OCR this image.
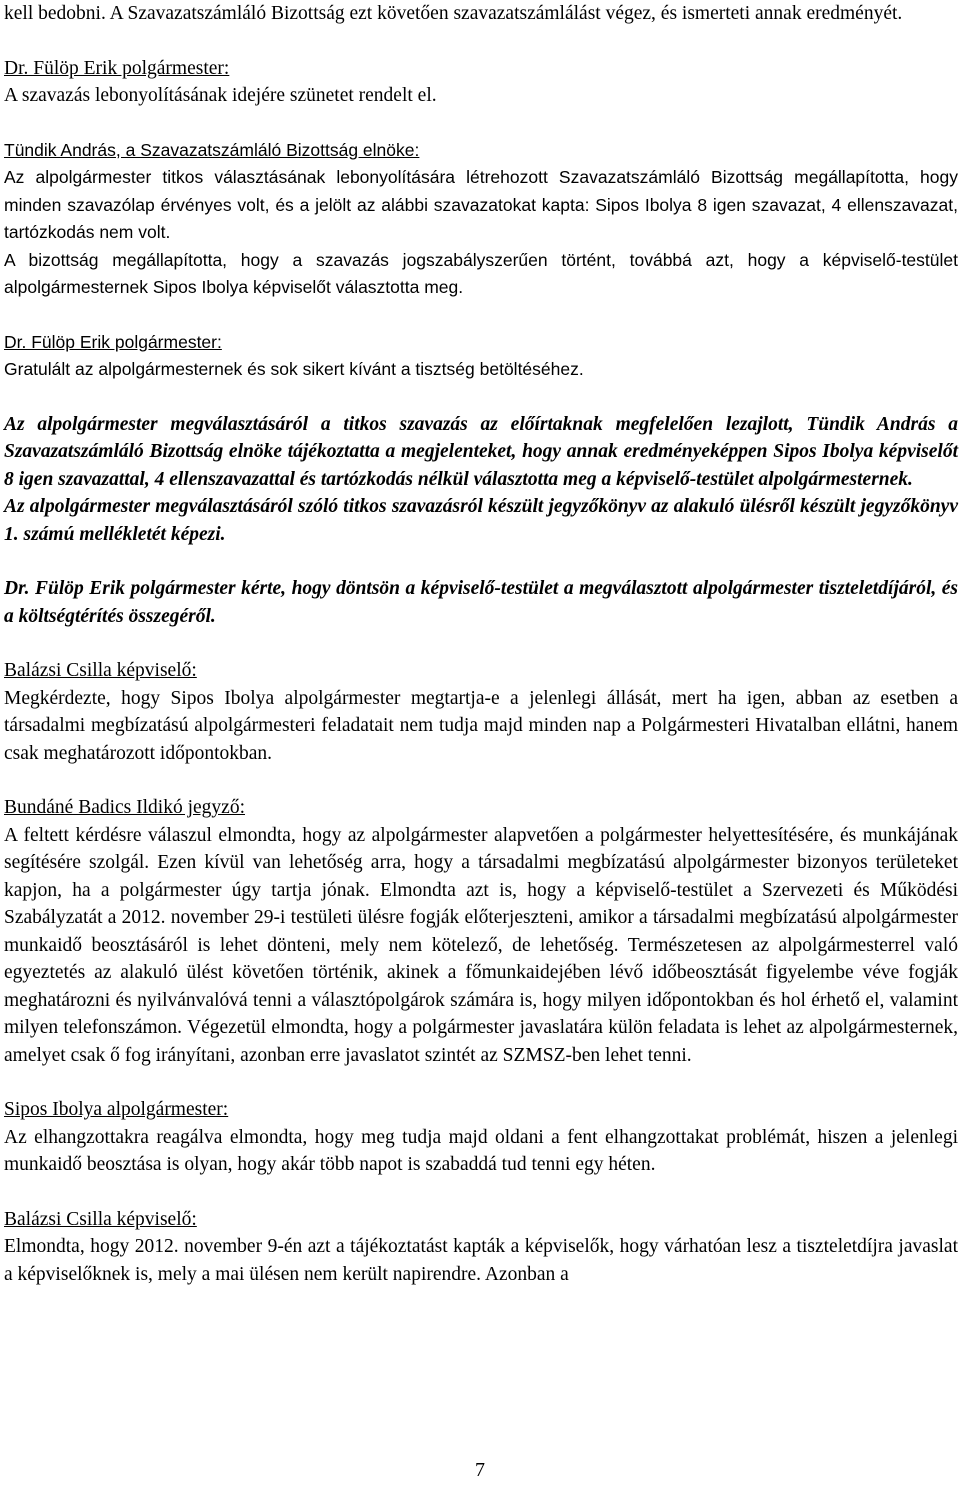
kell bedobni. A Szavazatszámláló Bizottság ezt követően szavazatszámlálást végez, és ismerteti annak eredményét.

Dr. Fülöp Erik polgármester:

A szavazás lebonyolításának idejére szünetet rendelt el.

Tündik András, a Szavazatszámláló Bizottság elnöke:

Az alpolgármester titkos választásának lebonyolítására létrehozott Szavazatszámláló Bizottság megállapította, hogy minden szavazólap érvényes volt, és a jelölt az alábbi szavazatokat kapta: Sipos Ibolya 8 igen szavazat, 4 ellenszavazat, tartózkodás nem volt.

A bizottság megállapította, hogy a szavazás jogszabályszerűen történt, továbbá azt, hogy a képviselő-testület alpolgármesternek Sipos Ibolya képviselőt választotta meg.

Dr. Fülöp Erik polgármester:

Gratulált az alpolgármesternek és sok sikert kívánt a tisztség betöltéséhez.

Az alpolgármester megválasztásáról a titkos szavazás az előírtaknak megfelelően lezajlott, Tündik András a Szavazatszámláló Bizottság elnöke tájékoztatta a megjelenteket, hogy annak eredményeképpen Sipos Ibolya képviselőt 8 igen szavazattal, 4 ellenszavazattal és tartózkodás nélkül választotta meg a képviselő-testület alpolgármesternek.

Az alpolgármester megválasztásáról szóló titkos szavazásról készült jegyzőkönyv az alakuló ülésről készült jegyzőkönyv 1. számú mellékletét képezi.

Dr. Fülöp Erik polgármester kérte, hogy döntsön a képviselő-testület a megválasztott alpolgármester tiszteletdíjáról, és a költségtérítés összegéről.

Balázsi Csilla képviselő:

Megkérdezte, hogy Sipos Ibolya alpolgármester megtartja-e a jelenlegi állását, mert ha igen, abban az esetben a társadalmi megbízatású alpolgármesteri feladatait nem tudja majd minden nap a Polgármesteri Hivatalban ellátni, hanem csak meghatározott időpontokban.

Bundáné Badics Ildikó jegyző:

A feltett kérdésre válaszul elmondta, hogy az alpolgármester alapvetően a polgármester helyettesítésére, és munkájának segítésére szolgál. Ezen kívül van lehetőség arra, hogy a társadalmi megbízatású alpolgármester bizonyos területeket kapjon, ha a polgármester úgy tartja jónak. Elmondta azt is, hogy a képviselő-testület a Szervezeti és Működési Szabályzatát a 2012. november 29-i testületi ülésre fogják előterjeszteni, amikor a társadalmi megbízatású alpolgármester munkaidő beosztásáról is lehet dönteni, mely nem kötelező, de lehetőség. Természetesen az alpolgármesterrel való egyeztetés az alakuló ülést követően történik, akinek a főmunkaidejében lévő időbeosztását figyelembe véve fogják meghatározni és nyilvánvalóvá tenni a választópolgárok számára is, hogy milyen időpontokban és hol érhető el, valamint milyen telefonszámon. Végezetül elmondta, hogy a polgármester javaslatára külön feladata is lehet az alpolgármesternek, amelyet csak ő fog irányítani, azonban erre javaslatot szintét az SZMSZ-ben lehet tenni.

Sipos Ibolya alpolgármester:

Az elhangzottakra reagálva elmondta, hogy meg tudja majd oldani a fent elhangzottakat problémát, hiszen a jelenlegi munkaidő beosztása is olyan, hogy akár több napot is szabaddá tud tenni egy héten.

Balázsi Csilla képviselő:

Elmondta, hogy 2012. november 9-én azt a tájékoztatást kapták a képviselők, hogy várhatóan lesz a tiszteletdíjra javaslat a képviselőknek is, mely a mai ülésen nem került napirendre. Azonban a

7
